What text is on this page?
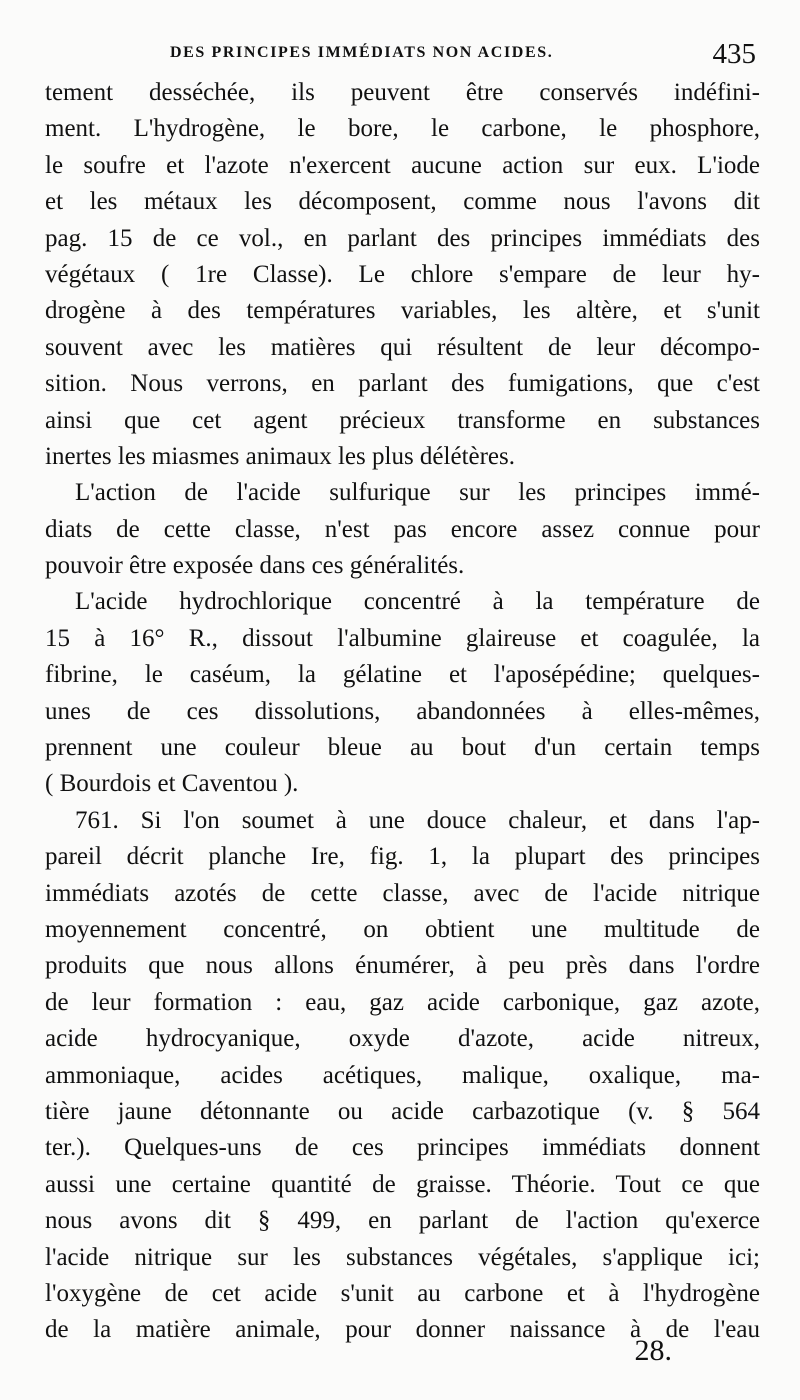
DES PRINCIPES IMMÉDIATS NON ACIDES.	435
tement desséchée, ils peuvent être conservés indéfini-
ment. L'hydrogène, le bore, le carbone, le phosphore,
le soufre et l'azote n'exercent aucune action sur eux. L'iode
et les métaux les décomposent, comme nous l'avons dit
pag. 15 de ce vol., en parlant des principes immédiats des
végétaux ( 1re Classe). Le chlore s'empare de leur hy-
drogène à des températures variables, les altère, et s'unit
souvent avec les matières qui résultent de leur décompo-
sition. Nous verrons, en parlant des fumigations, que c'est
ainsi que cet agent précieux transforme en substances
inertes les miasmes animaux les plus délétères.
L'action de l'acide sulfurique sur les principes immé-
diats de cette classe, n'est pas encore assez connue pour
pouvoir être exposée dans ces généralités.
L'acide hydrochlorique concentré à la température de
15 à 16° R., dissout l'albumine glaireuse et coagulée, la
fibrine, le caséum, la gélatine et l'aposépédine; quelques-
unes de ces dissolutions, abandonnées à elles-mêmes,
prennent une couleur bleue au bout d'un certain temps
( Bourdois et Caventou ).
761. Si l'on soumet à une douce chaleur, et dans l'ap-
pareil décrit planche Ire, fig. 1, la plupart des principes
immédiats azotés de cette classe, avec de l'acide nitrique
moyennement concentré, on obtient une multitude de
produits que nous allons énumérer, à peu près dans l'ordre
de leur formation : eau, gaz acide carbonique, gaz azote,
acide hydrocyanique, oxyde d'azote, acide nitreux,
ammoniaque, acides acétiques, malique, oxalique, ma-
tière jaune détonnante ou acide carbazotique (v. § 564
ter.). Quelques-uns de ces principes immédiats donnent
aussi une certaine quantité de graisse. Théorie. Tout ce que
nous avons dit § 499, en parlant de l'action qu'exerce
l'acide nitrique sur les substances végétales, s'applique ici;
l'oxygène de cet acide s'unit au carbone et à l'hydrogène
de la matière animale, pour donner naissance à de l'eau
28.
